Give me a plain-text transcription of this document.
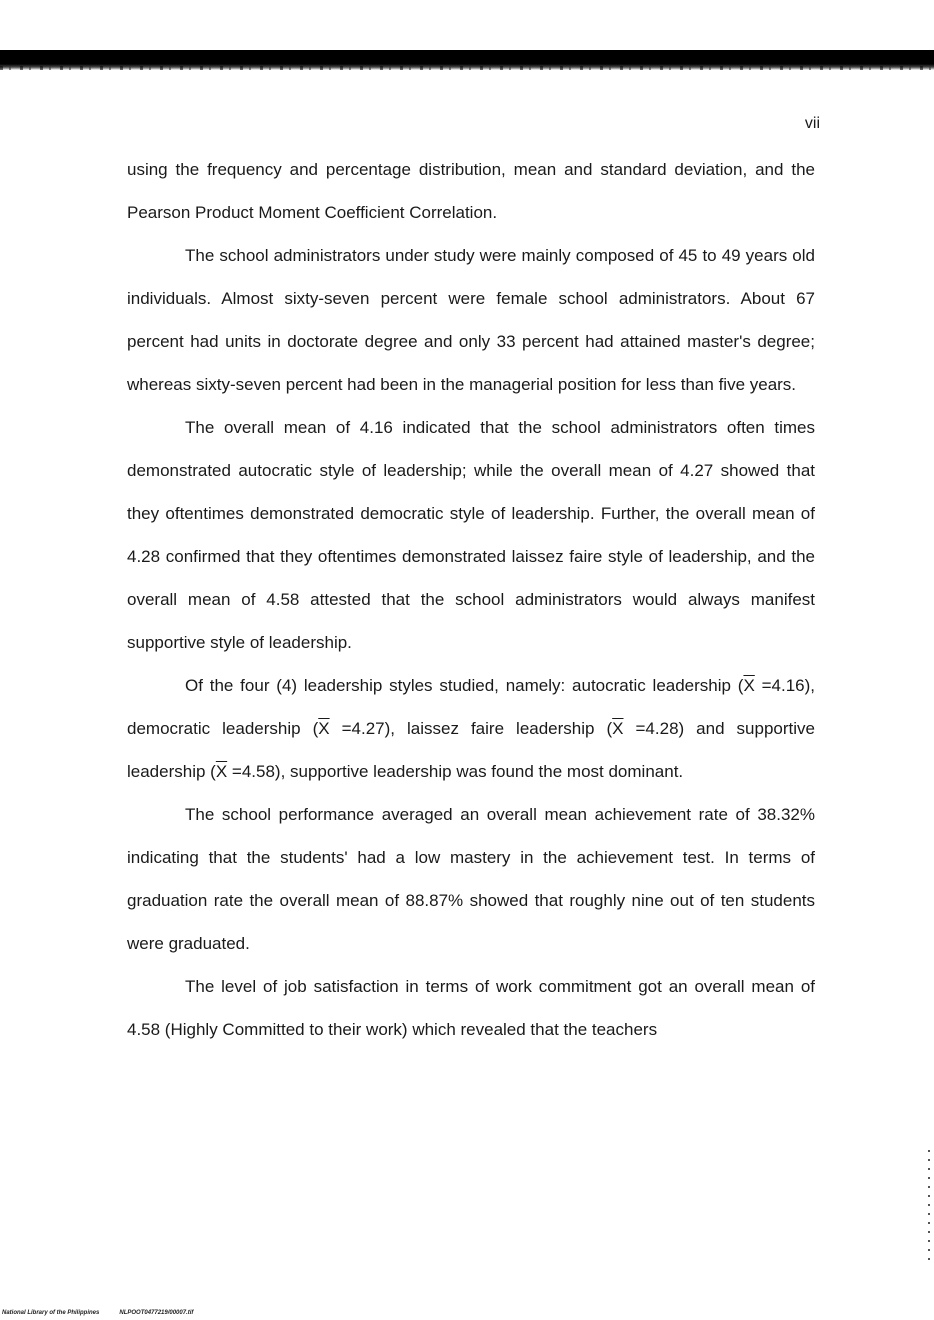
vii

using the frequency and percentage distribution, mean and standard deviation, and the Pearson Product Moment Coefficient Correlation.

The school administrators under study were mainly composed of 45 to 49 years old individuals. Almost sixty-seven percent were female school administrators. About 67 percent had units in doctorate degree and only 33 percent had attained master's degree; whereas sixty-seven percent had been in the managerial position for less than five years.

The overall mean of 4.16 indicated that the school administrators often times demonstrated autocratic style of leadership; while the overall mean of 4.27 showed that they oftentimes demonstrated democratic style of leadership. Further, the overall mean of 4.28 confirmed that they oftentimes demonstrated laissez faire style of leadership, and the overall mean of 4.58 attested that the school administrators would always manifest supportive style of leadership.

Of the four (4) leadership styles studied, namely: autocratic leadership $(\overline{X} =4.16)$, democratic leadership $(\overline{X} =4.27)$, laissez faire leadership $(\overline{X} =4.28)$ and supportive leadership $(\overline{X} =4.58)$, supportive leadership was found the most dominant.

The school performance averaged an overall mean achievement rate of 38.32% indicating that the students' had a low mastery in the achievement test. In terms of graduation rate the overall mean of 88.87% showed that roughly nine out of ten students were graduated.

The level of job satisfaction in terms of work commitment got an overall mean of 4.58 (Highly Committed to their work) which revealed that the teachers

National Library of the Philippines	NLPOOT0477219/00007.tif
